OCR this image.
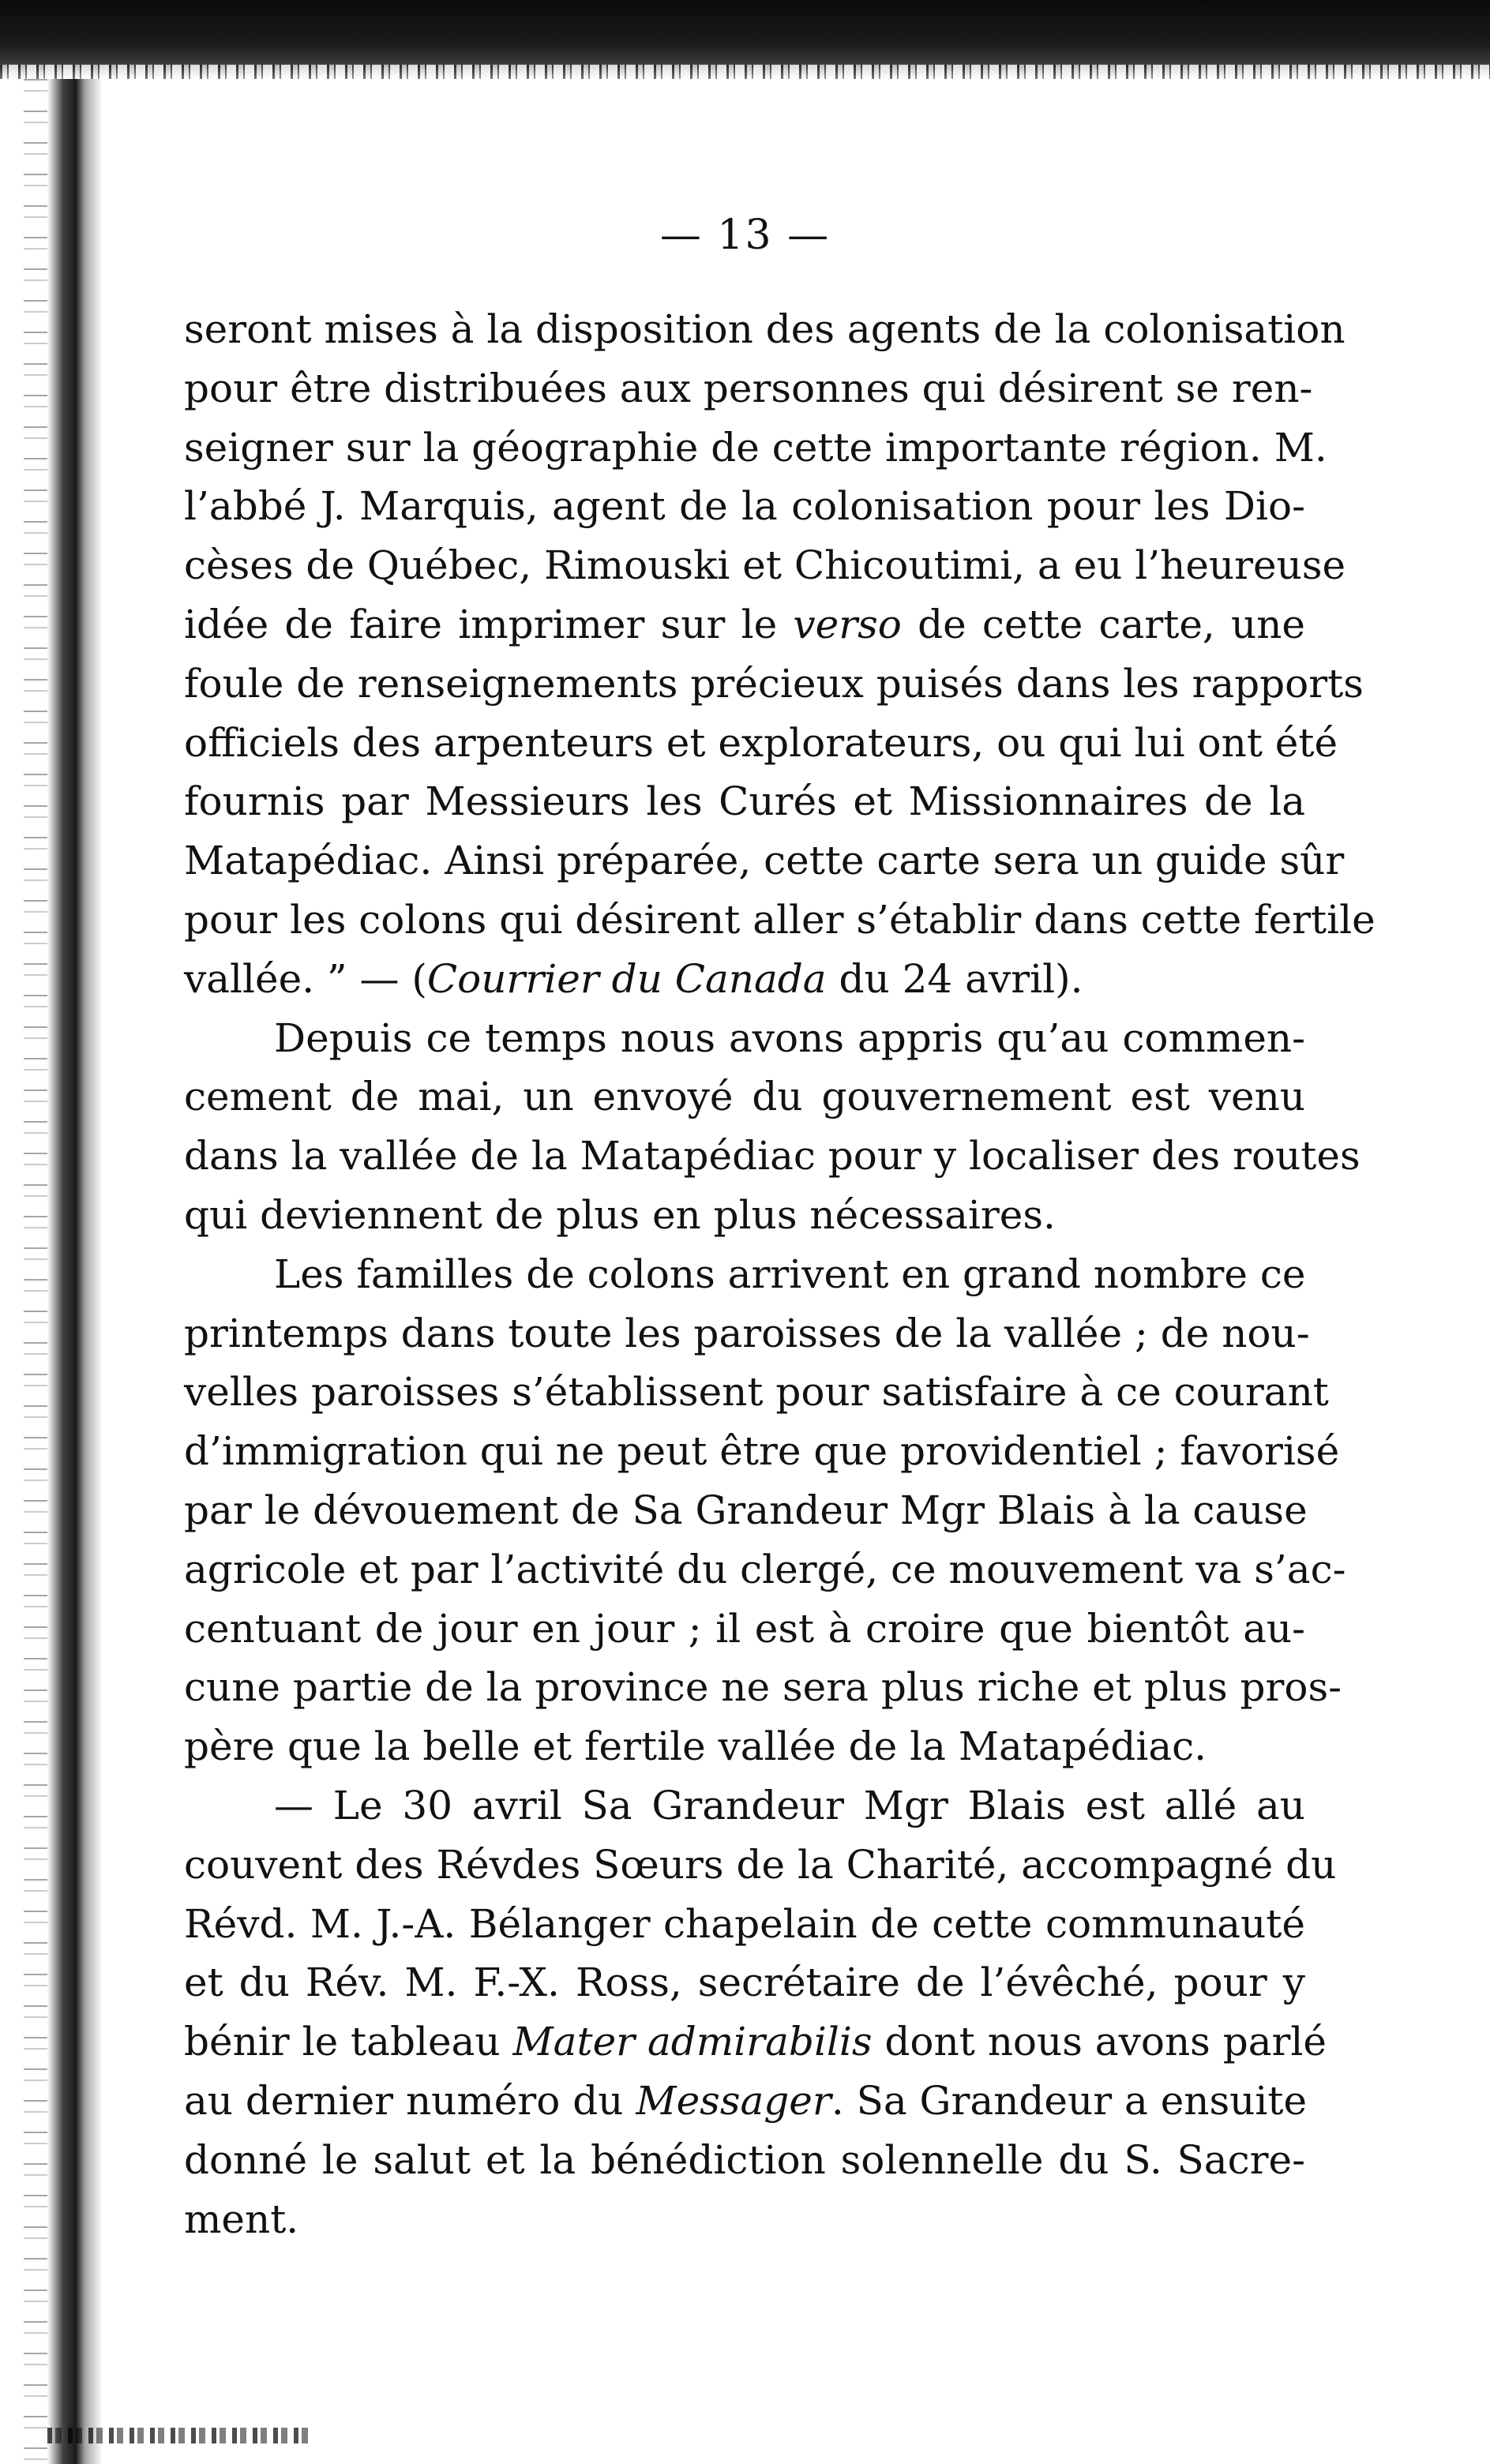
— 13 —
seront mises à la disposition des agents de la colonisation
pour être distribuées aux personnes qui désirent se ren-
seigner sur la géographie de cette importante région. M.
l’abbé J. Marquis, agent de la colonisation pour les Dio-
cèses de Québec, Rimouski et Chicoutimi, a eu l’heureuse
idée de faire imprimer sur le verso de cette carte, une
foule de renseignements précieux puisés dans les rapports
officiels des arpenteurs et explorateurs, ou qui lui ont été
fournis par Messieurs les Curés et Missionnaires de la
Matapédiac. Ainsi préparée, cette carte sera un guide sûr
pour les colons qui désirent aller s’établir dans cette fertile
vallée. ” — (Courrier du Canada du 24 avril).
Depuis ce temps nous avons appris qu’au commen-
cement de mai, un envoyé du gouvernement est venu
dans la vallée de la Matapédiac pour y localiser des routes
qui deviennent de plus en plus nécessaires.
Les familles de colons arrivent en grand nombre ce
printemps dans toute les paroisses de la vallée ; de nou-
velles paroisses s’établissent pour satisfaire à ce courant
d’immigration qui ne peut être que providentiel ; favorisé
par le dévouement de Sa Grandeur Mgr Blais à la cause
agricole et par l’activité du clergé, ce mouvement va s’ac-
centuant de jour en jour ; il est à croire que bientôt au-
cune partie de la province ne sera plus riche et plus pros-
père que la belle et fertile vallée de la Matapédiac.
— Le 30 avril Sa Grandeur Mgr Blais est allé au
couvent des Révdes Sœurs de la Charité, accompagné du
Révd. M. J.-A. Bélanger chapelain de cette communauté
et du Rév. M. F.-X. Ross, secrétaire de l’évêché, pour y
bénir le tableau Mater admirabilis dont nous avons parlé
au dernier numéro du Messager. Sa Grandeur a ensuite
donné le salut et la bénédiction solennelle du S. Sacre-
ment.
